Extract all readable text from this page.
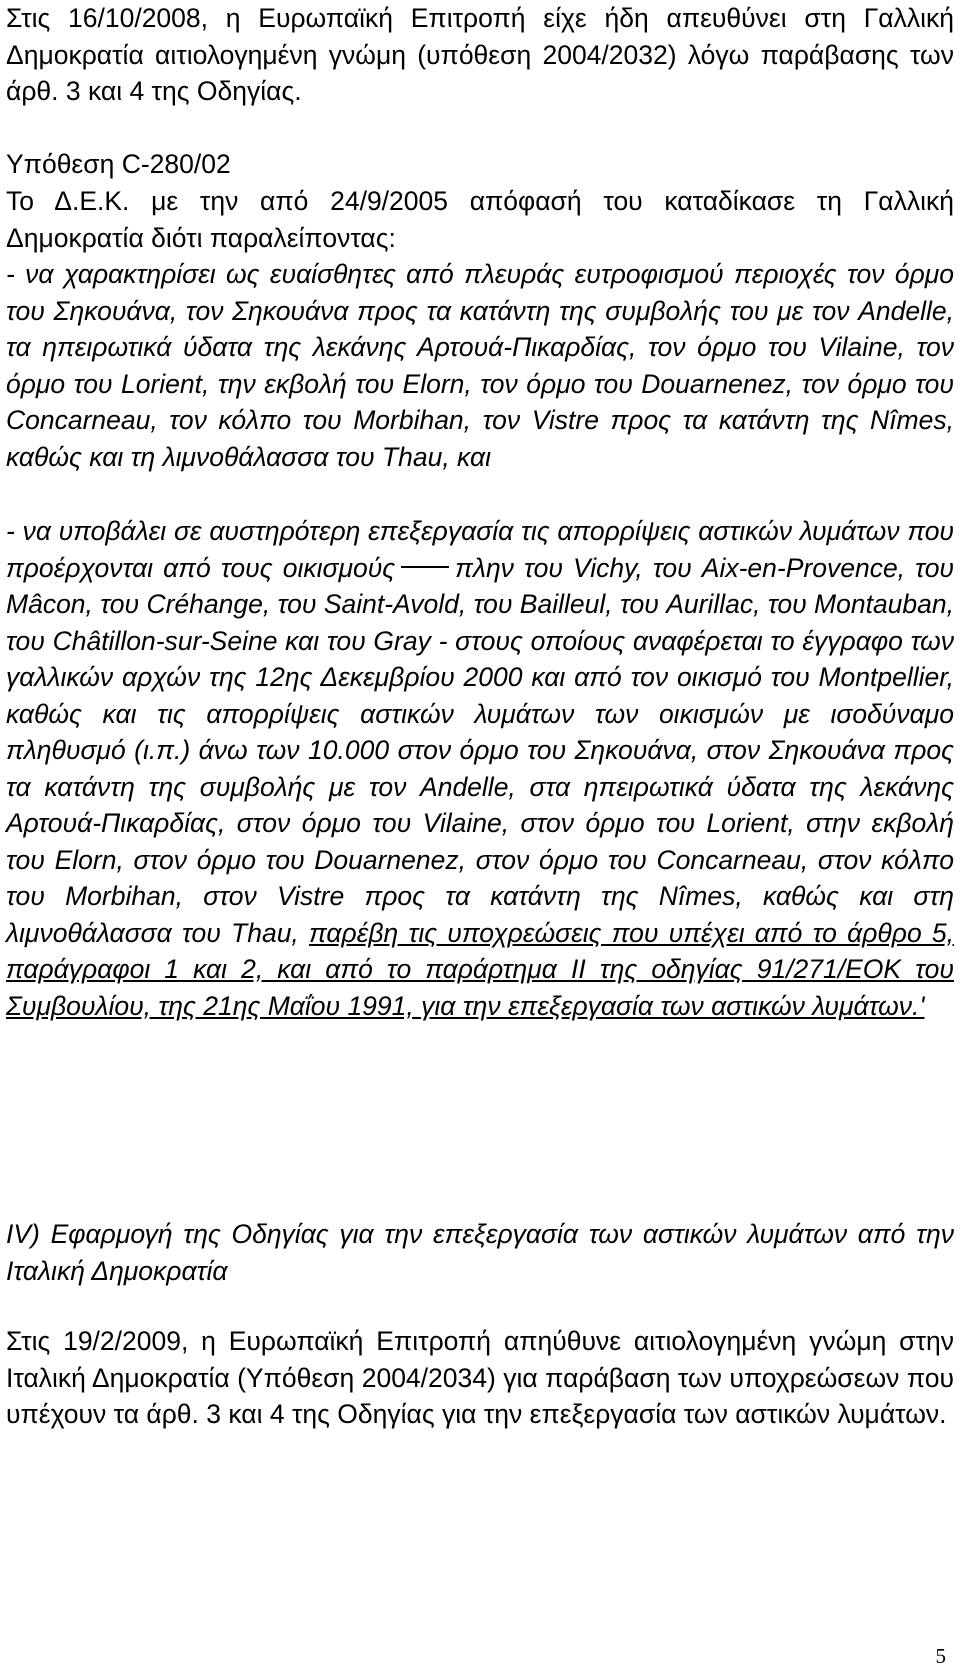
Στις 16/10/2008, η Ευρωπαϊκή Επιτροπή είχε ήδη απευθύνει στη Γαλλική Δημοκρατία αιτιολογημένη γνώμη (υπόθεση 2004/2032) λόγω παράβασης των άρθ. 3 και 4 της Οδηγίας.

Υπόθεση C-280/02

Το Δ.Ε.Κ. με την από 24/9/2005 απόφασή του καταδίκασε τη Γαλλική Δημοκρατία διότι παραλείποντας:

- να χαρακτηρίσει ως ευαίσθητες από πλευράς ευτροφισμού περιοχές τον όρμο του Σηκουάνα, τον Σηκουάνα προς τα κατάντη της συμβολής του με τον Andelle, τα ηπειρωτικά ύδατα της λεκάνης Αρτουά-Πικαρδίας, τον όρμο του Vilaine, τον όρμο του Lorient, την εκβολή του Elorn, τον όρμο του Douarnenez, τον όρμο του Concarneau, τον κόλπο του Morbihan, τον Vistre προς τα κατάντη της Nîmes, καθώς και τη λιμνοθάλασσα του Thau, και

- να υποβάλει σε αυστηρότερη επεξεργασία τις απορρίψεις αστικών λυμάτων που προέρχονται από τους οικισμούς πλην του Vichy, του Aix-en-Provence, του Mâcon, του Créhange, του Saint-Avold, του Bailleul, του Aurillac, του Montauban, του Châtillon-sur-Seine και του Gray - στους οποίους αναφέρεται το έγγραφο των γαλλικών αρχών της 12ης Δεκεμβρίου 2000 και από τον οικισμό του Montpellier, καθώς και τις απορρίψεις αστικών λυμάτων των οικισμών με ισοδύναμο πληθυσμό (ι.π.) άνω των 10.000 στον όρμο του Σηκουάνα, στον Σηκουάνα προς τα κατάντη της συμβολής με τον Andelle, στα ηπειρωτικά ύδατα της λεκάνης Αρτουά-Πικαρδίας, στον όρμο του Vilaine, στον όρμο του Lorient, στην εκβολή του Elorn, στον όρμο του Douarnenez, στον όρμο του Concarneau, στον κόλπο του Morbihan, στον Vistre προς τα κατάντη της Nîmes, καθώς και στη λιμνοθάλασσα του Thau, παρέβη τις υποχρεώσεις που υπέχει από το άρθρο 5, παράγραφοι 1 και 2, και από το παράρτημα ΙΙ της οδηγίας 91/271/ΕΟΚ του Συμβουλίου, της 21ης Μαΐου 1991, για την επεξεργασία των αστικών λυμάτων.'

IV) Εφαρμογή της Οδηγίας για την επεξεργασία των αστικών λυμάτων από την Ιταλική Δημοκρατία

Στις 19/2/2009, η Ευρωπαϊκή Επιτροπή απηύθυνε αιτιολογημένη γνώμη στην Ιταλική Δημοκρατία (Υπόθεση 2004/2034) για παράβαση των υποχρεώσεων που υπέχουν τα άρθ. 3 και 4 της Οδηγίας για την επεξεργασία των αστικών λυμάτων.

5
